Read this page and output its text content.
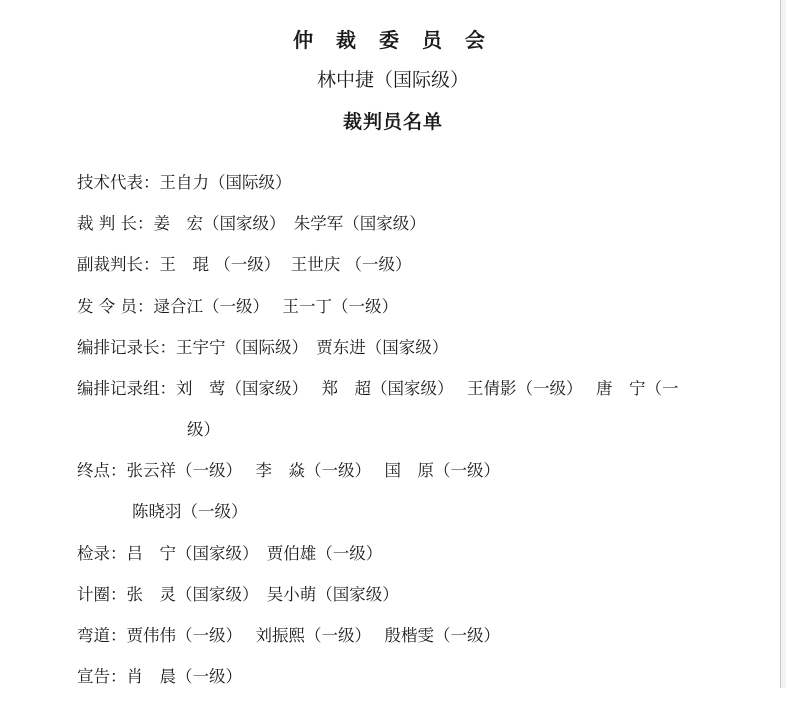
仲 裁 委 员 会
林中捷（国际级）
裁判员名单

技术代表：王自力（国际级）

裁 判 长：姜　宏（国家级）　朱学军（国家级）

副裁判长：王　琨 （一级）  王世庆 （一级）

发 令 员：逯合江（一级）　 王一丁（一级）

编排记录长：王宇宁（国际级）　贾东进（国家级）

编排记录组：刘　莺（国家级）　 郑　超（国家级）　 王倩影（一级）　 唐　宁（一

级）

终点：张云祥（一级）　 李　焱（一级）　 国　原（一级）

陈晓羽（一级）

检录：吕　宁（国家级）　贾伯雄（一级）

计圈：张　灵（国家级）　吴小萌（国家级）

弯道：贾伟伟（一级）　 刘振熙（一级）　 殷楷雯（一级）

宣告：肖　晨（一级）
